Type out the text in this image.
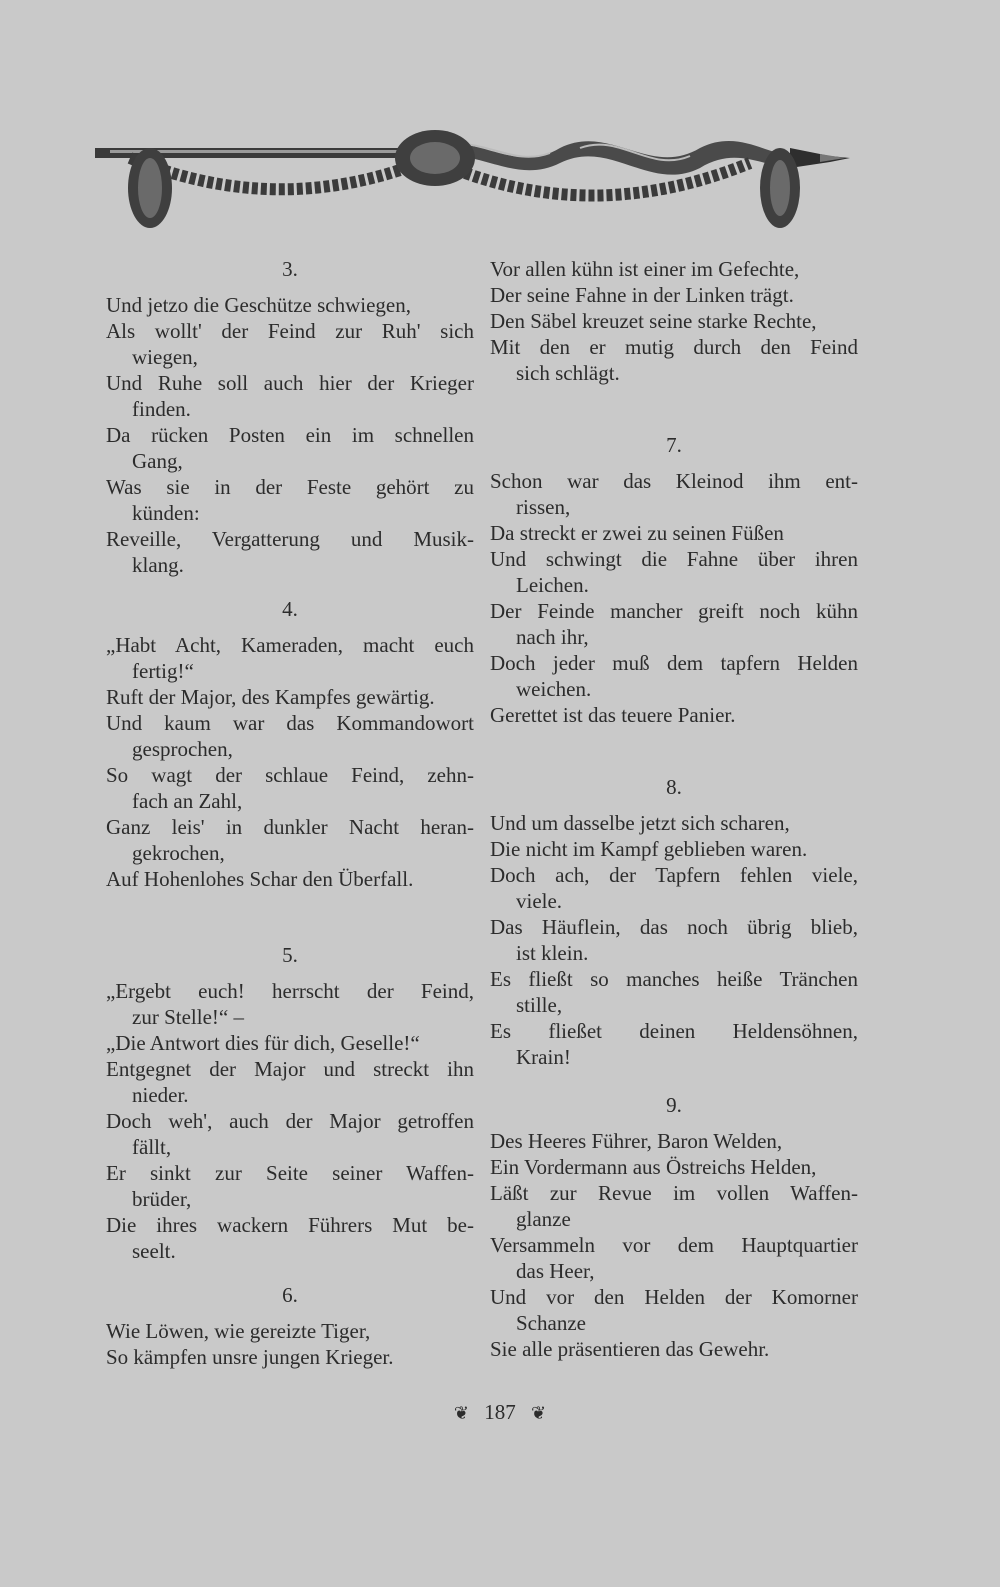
3.
Und jetzo die Geschütze schwiegen,
Als wollt' der Feind zur Ruh' sich
wiegen,
Und Ruhe soll auch hier der Krieger
finden.
Da rücken Posten ein im schnellen
Gang,
Was sie in der Feste gehört zu
künden:
Reveille, Vergatterung und Musik-
klang.
4.
„Habt Acht, Kameraden, macht euch
fertig!“
Ruft der Major, des Kampfes gewärtig.
Und kaum war das Kommandowort
gesprochen,
So wagt der schlaue Feind, zehn-
fach an Zahl,
Ganz leis' in dunkler Nacht heran-
gekrochen,
Auf Hohenlohes Schar den Überfall.
5.
„Ergebt euch! herrscht der Feind,
zur Stelle!“ –
„Die Antwort dies für dich, Geselle!“
Entgegnet der Major und streckt ihn
nieder.
Doch weh', auch der Major getroffen
fällt,
Er sinkt zur Seite seiner Waffen-
brüder,
Die ihres wackern Führers Mut be-
seelt.
6.
Wie Löwen, wie gereizte Tiger,
So kämpfen unsre jungen Krieger.
Vor allen kühn ist einer im Gefechte,
Der seine Fahne in der Linken trägt.
Den Säbel kreuzet seine starke Rechte,
Mit den er mutig durch den Feind
sich schlägt.
7.
Schon war das Kleinod ihm ent-
rissen,
Da streckt er zwei zu seinen Füßen
Und schwingt die Fahne über ihren
Leichen.
Der Feinde mancher greift noch kühn
nach ihr,
Doch jeder muß dem tapfern Helden
weichen.
Gerettet ist das teuere Panier.
8.
Und um dasselbe jetzt sich scharen,
Die nicht im Kampf geblieben waren.
Doch ach, der Tapfern fehlen viele,
viele.
Das Häuflein, das noch übrig blieb,
ist klein.
Es fließt so manches heiße Tränchen
stille,
Es fließet deinen Heldensöhnen,
Krain!
9.
Des Heeres Führer, Baron Welden,
Ein Vordermann aus Östreichs Helden,
Läßt zur Revue im vollen Waffen-
glanze
Versammeln vor dem Hauptquartier
das Heer,
Und vor den Helden der Komorner
Schanze
Sie alle präsentieren das Gewehr.
❦ 187 ❦
